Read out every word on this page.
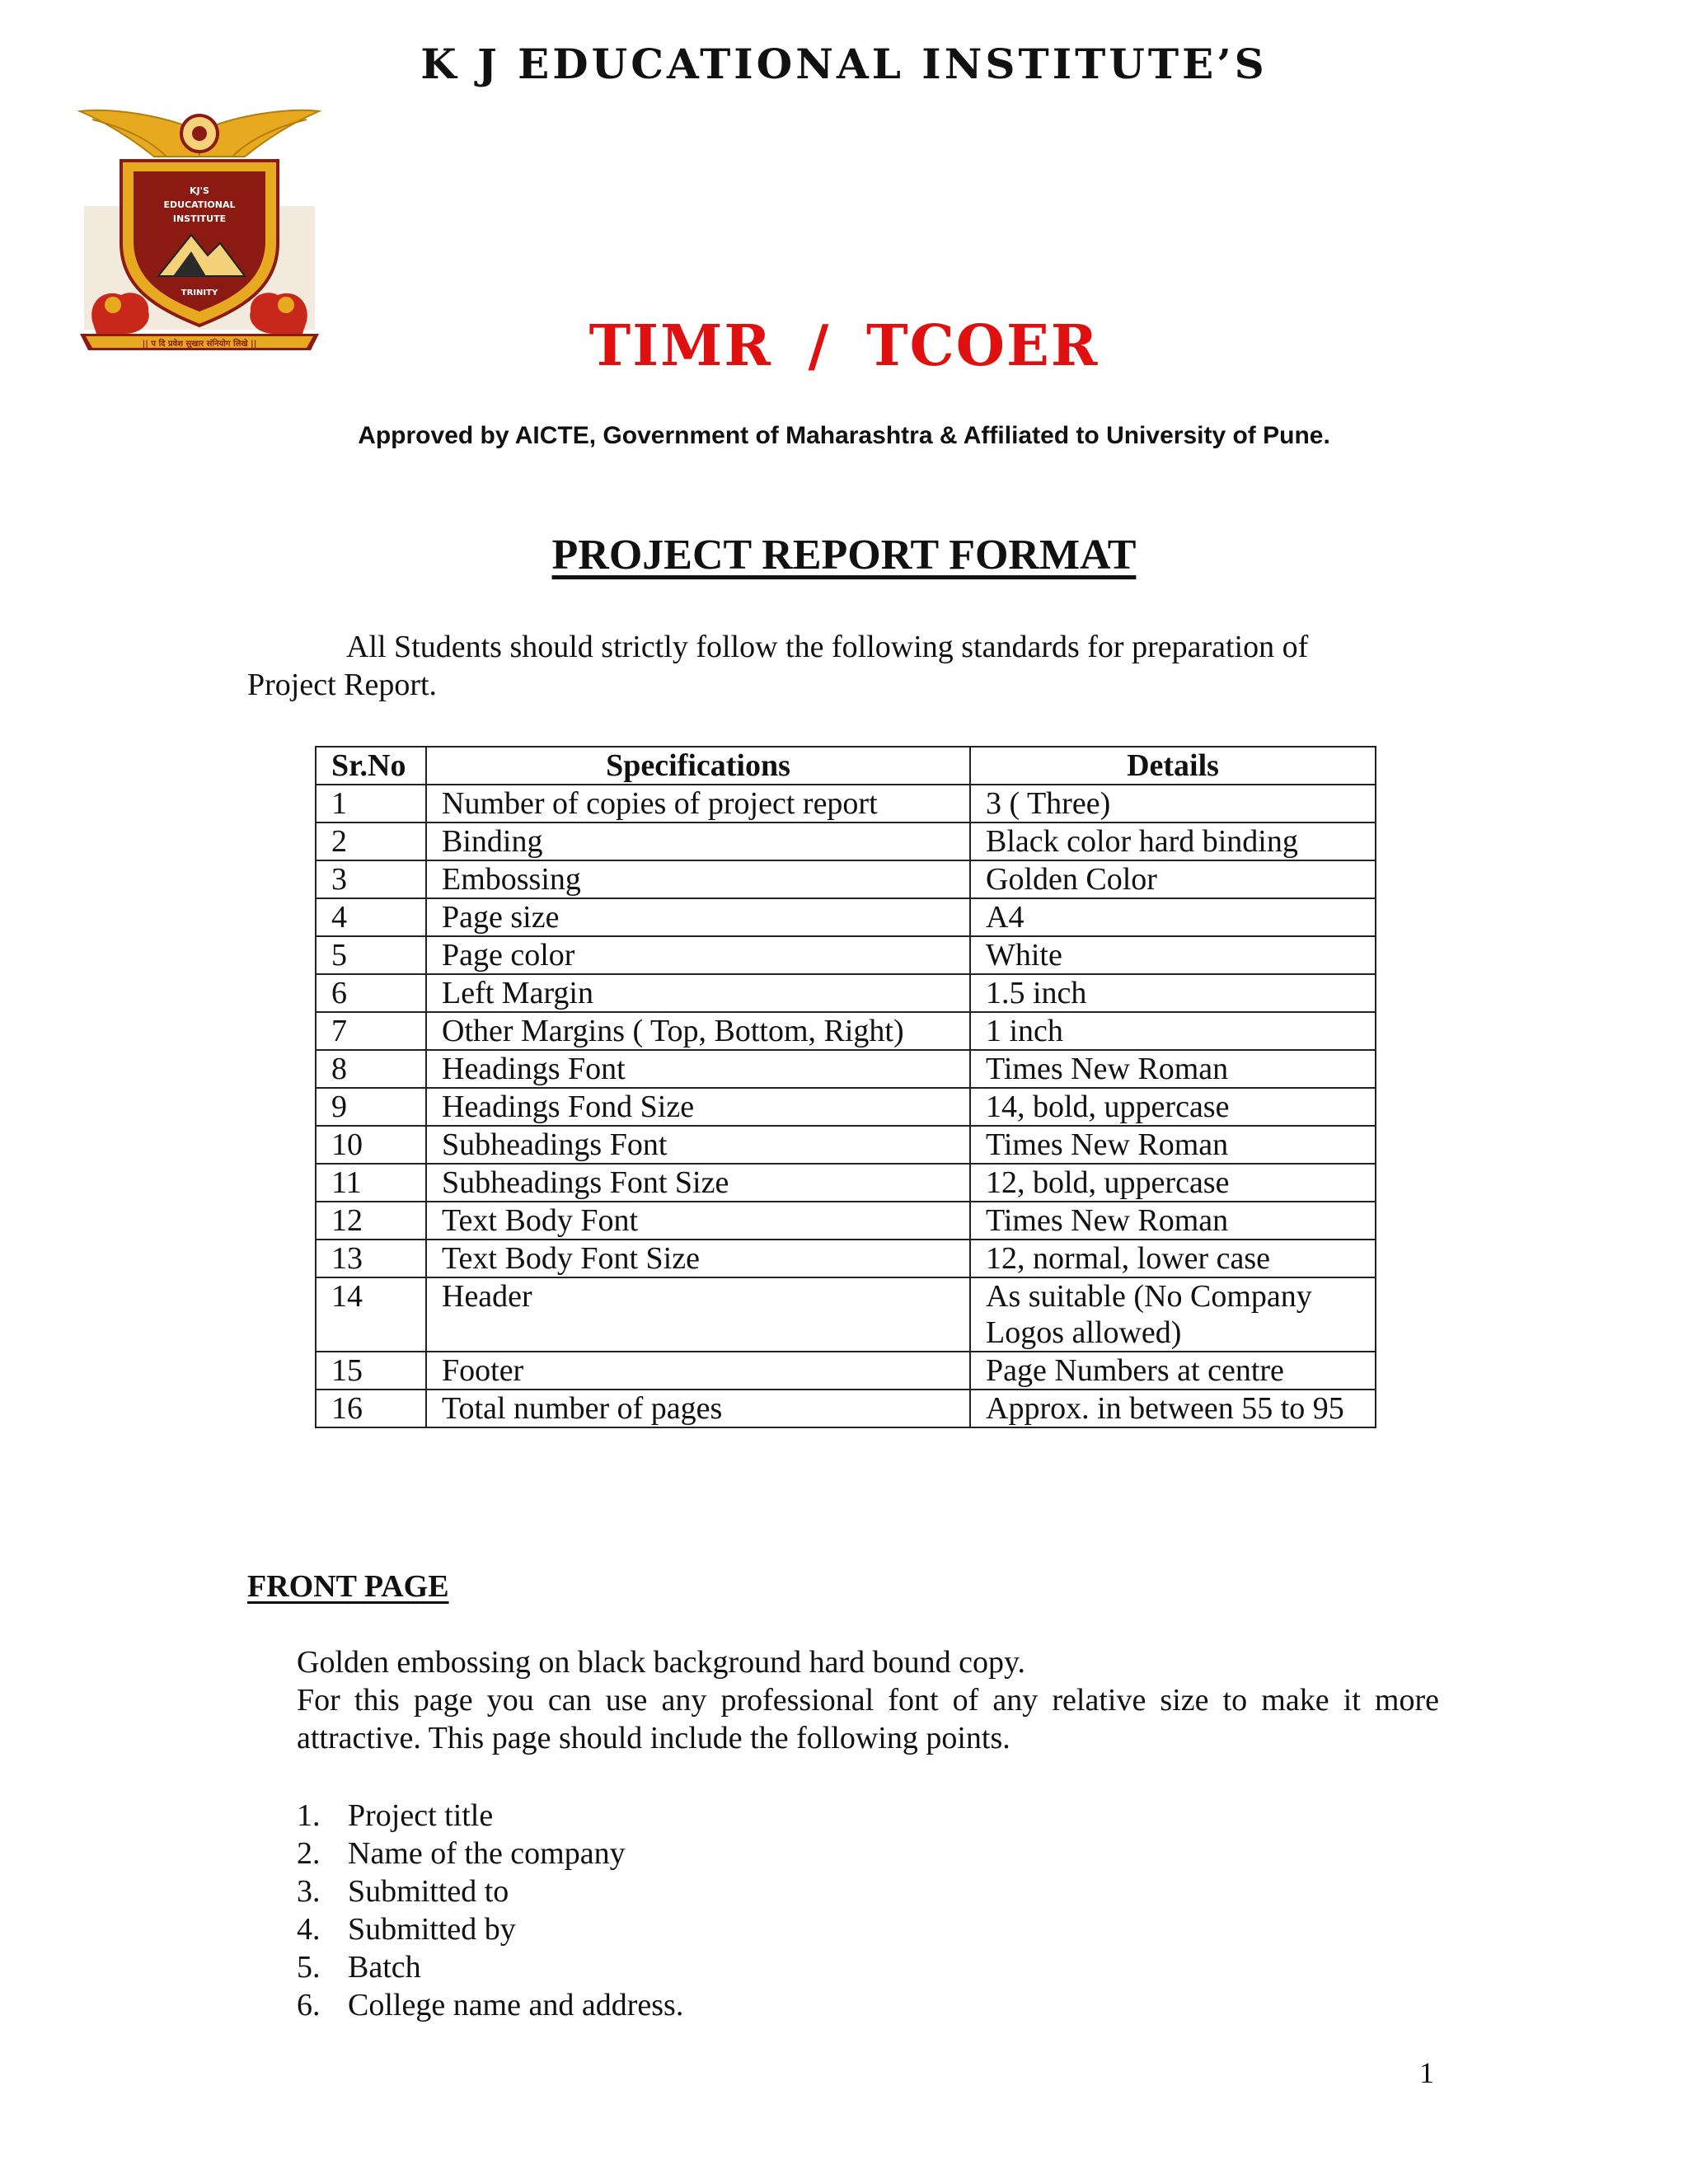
K J EDUCATIONAL INSTITUTE’S
KJ'S
EDUCATIONAL
INSTITUTE
TRINITY
|| प दि प्रवेश सुखार संनियोग लिखे ||	TIMR / TCOER
Approved by AICTE, Government of Maharashtra & Affiliated to University of Pune.
PROJECT REPORT FORMAT
All Students should strictly follow the following standards for preparation of Project Report.
Sr.No	Specifications	Details
1	Number of copies of project report	3 ( Three)
2	Binding	Black color hard binding
3	Embossing	Golden Color
4	Page size	A4
5	Page color	White
6	Left Margin	1.5 inch
7	Other Margins ( Top, Bottom, Right)	1 inch
8	Headings Font	Times New Roman
9	Headings Fond Size	14, bold, uppercase
10	Subheadings Font	Times New Roman
11	Subheadings Font Size	12, bold, uppercase
12	Text Body Font	Times New Roman
13	Text Body Font Size	12, normal, lower case
14	Header	As suitable (No Company Logos allowed)
15	Footer	Page Numbers at centre
16	Total number of pages	Approx. in between 55 to 95
FRONT PAGE

Golden embossing on black background hard bound copy.

For this page you can use any professional font of any relative size to make it more attractive. This page should include the following points.

1. Project title
2. Name of the company
3. Submitted to
4. Submitted by
5. Batch
6. College name and address.
1
